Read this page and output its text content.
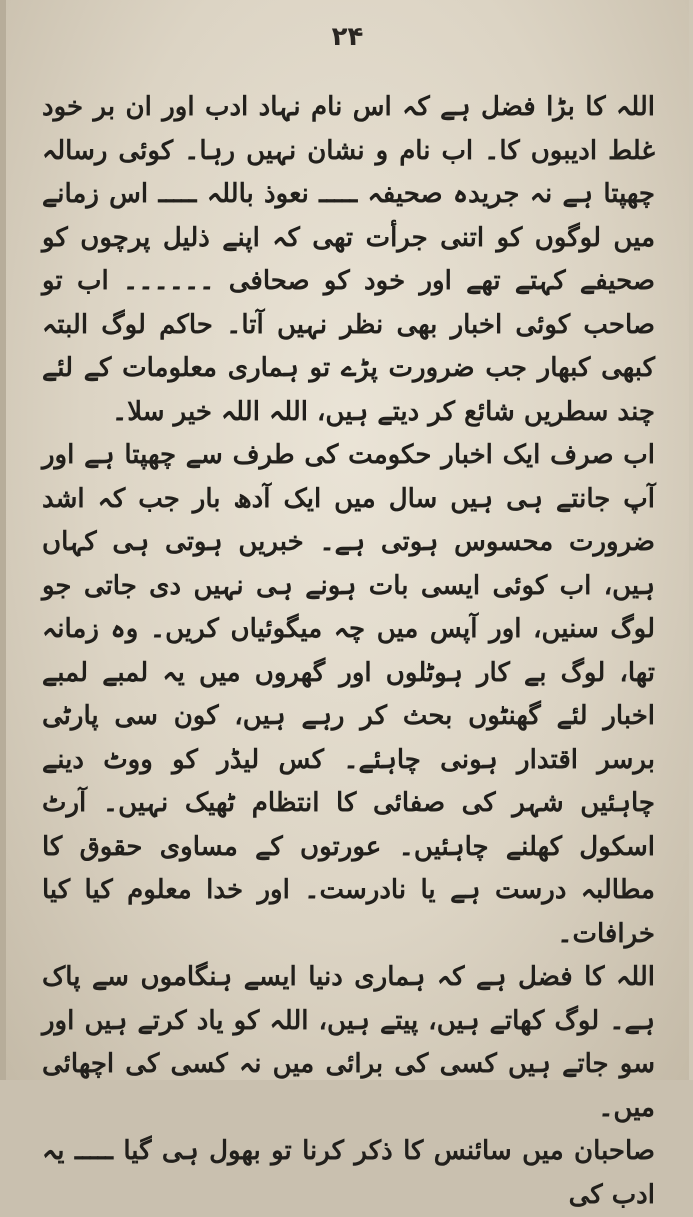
۲۴

اللہ کا بڑا فضل ہے کہ اس نام نہاد ادب اور ان بر خود غلط ادیبوں کا۔ اب نام و نشان نہیں رہا۔ کوئی رسالہ چھپتا ہے نہ جریدہ صحیفہ ـــــ نعوذ باللہ ـــــ اس زمانے میں لوگوں کو اتنی جرأت تھی کہ اپنے ذلیل پرچوں کو صحیفے کہتے تھے اور خود کو صحافی ۔۔۔۔۔۔ اب تو صاحب کوئی اخبار بھی نظر نہیں آتا۔ حاکم لوگ البتہ کبھی کبھار جب ضرورت پڑے تو ہماری معلومات کے لئے چند سطریں شائع کر دیتے ہیں، اللہ اللہ خیر سلا۔

اب صرف ایک اخبار حکومت کی طرف سے چھپتا ہے اور آپ جانتے ہی ہیں سال میں ایک آدھ بار جب کہ اشد ضرورت محسوس ہوتی ہے۔ خبریں ہوتی ہی کہاں ہیں، اب کوئی ایسی بات ہونے ہی نہیں دی جاتی جو لوگ سنیں، اور آپس میں چہ میگوئیاں کریں۔ وہ زمانہ تھا، لوگ بے کار ہوٹلوں اور گھروں میں یہ لمبے لمبے اخبار لئے گھنٹوں بحث کر رہے ہیں، کون سی پارٹی برسر اقتدار ہونی چاہئے۔ کس لیڈر کو ووٹ دینے چاہئیں شہر کی صفائی کا انتظام ٹھیک نہیں۔ آرٹ اسکول کھلنے چاہئیں۔ عورتوں کے مساوی حقوق کا مطالبہ درست ہے یا نادرست۔ اور خدا معلوم کیا کیا خرافات۔

اللہ کا فضل ہے کہ ہماری دنیا ایسے ہنگاموں سے پاک ہے۔ لوگ کھاتے ہیں، پیتے ہیں، اللہ کو یاد کرتے ہیں اور سو جاتے ہیں کسی کی برائی میں نہ کسی کی اچھائی میں۔

صاحبان میں سائنس کا ذکر کرنا تو بھول ہی گیا ـــــ یہ ادب کی
